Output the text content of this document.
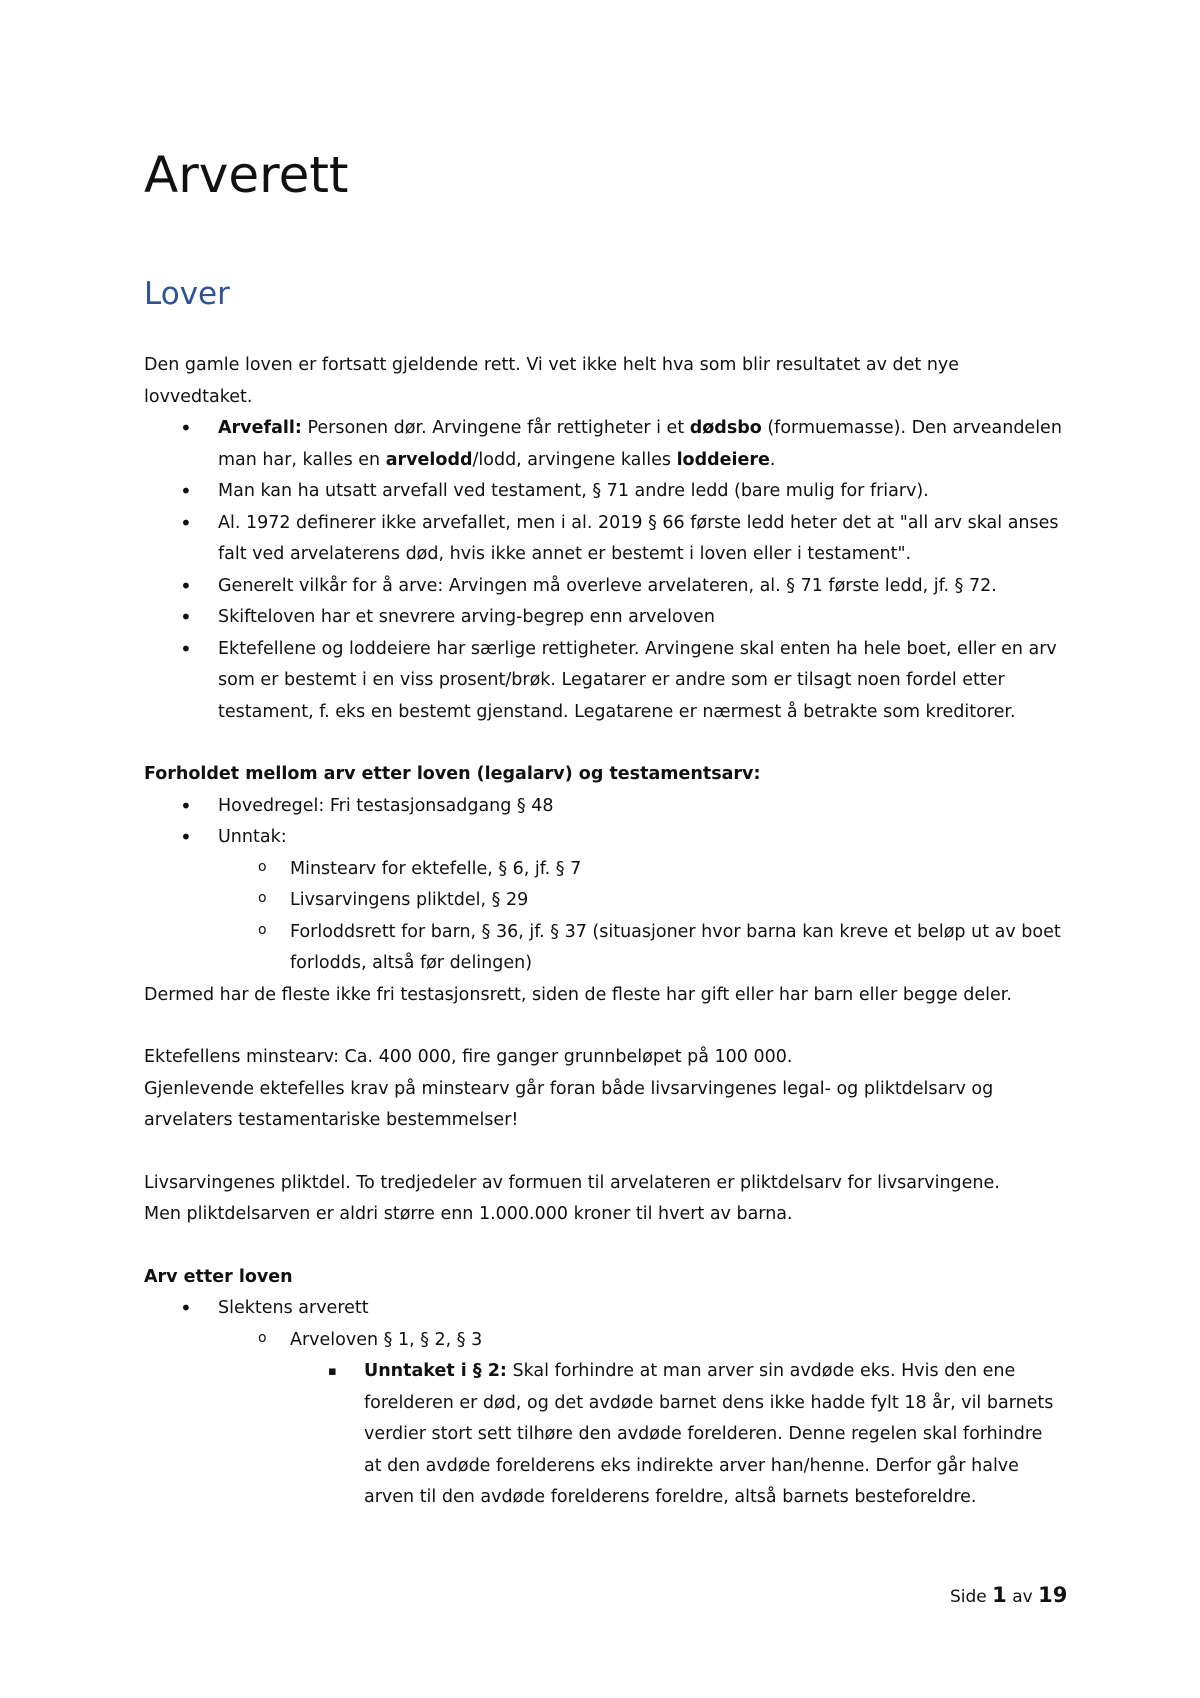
Arverett
Lover

Den gamle loven er fortsatt gjeldende rett. Vi vet ikke helt hva som blir resultatet av det nye lovvedtaket.

• Arvefall: Personen dør. Arvingene får rettigheter i et dødsbo (formuemasse). Den arveandelen man har, kalles en arvelodd/lodd, arvingene kalles loddeiere.
• Man kan ha utsatt arvefall ved testament, § 71 andre ledd (bare mulig for friarv).
• Al. 1972 definerer ikke arvefallet, men i al. 2019 § 66 første ledd heter det at "all arv skal anses falt ved arvelaterens død, hvis ikke annet er bestemt i loven eller i testament".
• Generelt vilkår for å arve: Arvingen må overleve arvelateren, al. § 71 første ledd, jf. § 72.
• Skifteloven har et snevrere arving-begrep enn arveloven
• Ektefellene og loddeiere har særlige rettigheter. Arvingene skal enten ha hele boet, eller en arv som er bestemt i en viss prosent/brøk. Legatarer er andre som er tilsagt noen fordel etter testament, f. eks en bestemt gjenstand. Legatarene er nærmest å betrakte som kreditorer.

Forholdet mellom arv etter loven (legalarv) og testamentsarv:

• Hovedregel: Fri testasjonsadgang § 48
• Unntak:
o Minstearv for ektefelle, § 6, jf. § 7
o Livsarvingens pliktdel, § 29
o Forloddsrett for barn, § 36, jf. § 37 (situasjoner hvor barna kan kreve et beløp ut av boet forlodds, altså før delingen)

Dermed har de fleste ikke fri testasjonsrett, siden de fleste har gift eller har barn eller begge deler.

Ektefellens minstearv: Ca. 400 000, fire ganger grunnbeløpet på 100 000.

Gjenlevende ektefelles krav på minstearv går foran både livsarvingenes legal- og pliktdelsarv og arvelaters testamentariske bestemmelser!

Livsarvingenes pliktdel. To tredjedeler av formuen til arvelateren er pliktdelsarv for livsarvingene.

Men pliktdelsarven er aldri større enn 1.000.000 kroner til hvert av barna.

Arv etter loven

• Slektens arverett
o Arveloven § 1, § 2, § 3
▪ Unntaket i § 2: Skal forhindre at man arver sin avdøde eks. Hvis den ene forelderen er død, og det avdøde barnet dens ikke hadde fylt 18 år, vil barnets verdier stort sett tilhøre den avdøde forelderen. Denne regelen skal forhindre at den avdøde forelderens eks indirekte arver han/henne. Derfor går halve arven til den avdøde forelderens foreldre, altså barnets besteforeldre.
Side 1 av 19
